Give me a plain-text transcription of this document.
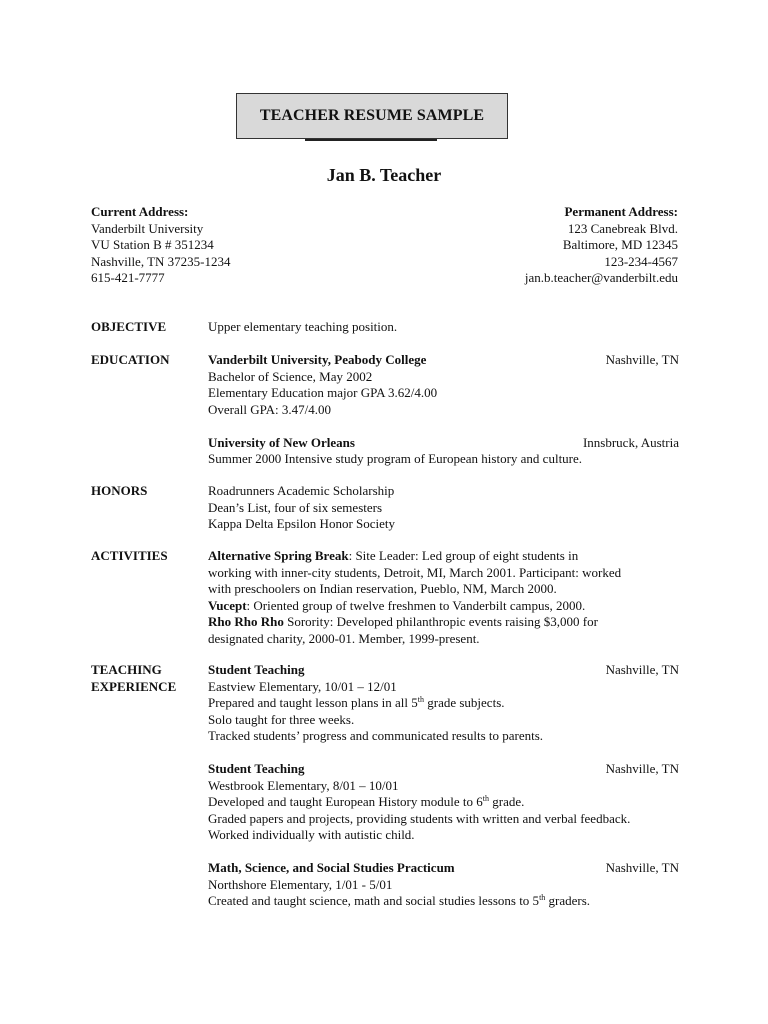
TEACHER RESUME SAMPLE
Jan B. Teacher
Current Address:
Vanderbilt University
VU Station B # 351234
Nashville, TN 37235-1234
615-421-7777
Permanent Address:
123 Canebreak Blvd.
Baltimore, MD 12345
123-234-4567
jan.b.teacher@vanderbilt.edu
OBJECTIVE	Upper elementary teaching position.
EDUCATION	Vanderbilt University, Peabody College	Nashville, TN
Bachelor of Science, May 2002
Elementary Education major GPA 3.62/4.00
Overall GPA: 3.47/4.00
University of New Orleans	Innsbruck, Austria
Summer 2000 Intensive study program of European history and culture.
HONORS	Roadrunners Academic Scholarship
Dean’s List, four of six semesters
Kappa Delta Epsilon Honor Society
ACTIVITIES	Alternative Spring Break: Site Leader: Led group of eight students in
working with inner-city students, Detroit, MI, March 2001. Participant: worked
with preschoolers on Indian reservation, Pueblo, NM, March 2000.
Vucept: Oriented group of twelve freshmen to Vanderbilt campus, 2000.
Rho Rho Rho Sorority: Developed philanthropic events raising $3,000 for
designated charity, 2000-01. Member, 1999-present.
TEACHING
EXPERIENCE
Student Teaching	Nashville, TN
Eastview Elementary, 10/01 – 12/01
Prepared and taught lesson plans in all 5th grade subjects.
Solo taught for three weeks.
Tracked students’ progress and communicated results to parents.
Student Teaching	Nashville, TN
Westbrook Elementary, 8/01 – 10/01
Developed and taught European History module to 6th grade.
Graded papers and projects, providing students with written and verbal feedback.
Worked individually with autistic child.
Math, Science, and Social Studies Practicum	Nashville, TN
Northshore Elementary, 1/01 - 5/01
Created and taught science, math and social studies lessons to 5th graders.
